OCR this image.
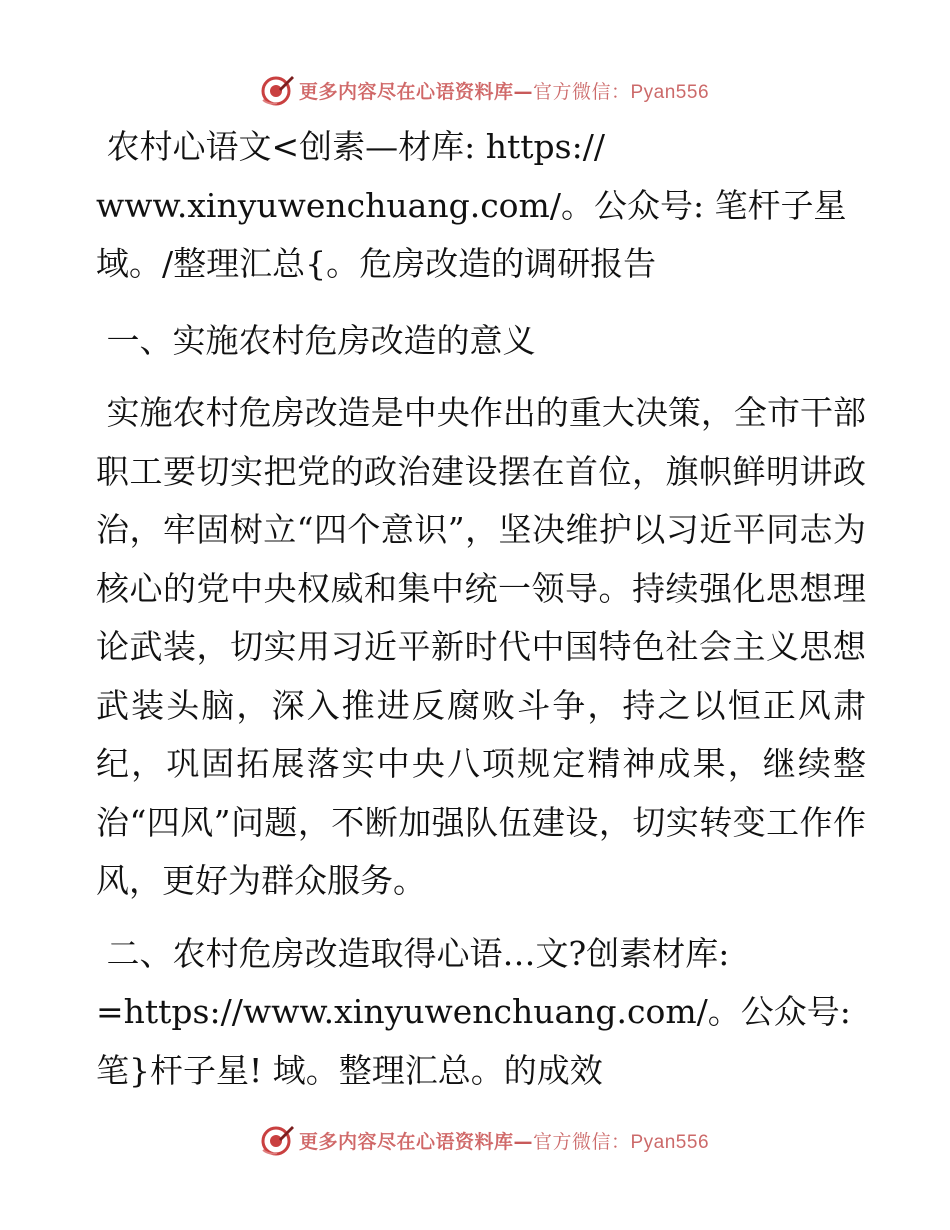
更多内容尽在心语资料库—官方微信：Pyan556

农村心语文<创素—材库: https://
www.xinyuwenchuang.com/。公众号: 笔杆子星
域。/整理汇总{。危房改造的调研报告

一、实施农村危房改造的意义

实施农村危房改造是中央作出的重大决策，全市干部职工要切实把党的政治建设摆在首位，旗帜鲜明讲政治，牢固树立“四个意识”，坚决维护以习近平同志为核心的党中央权威和集中统一领导。持续强化思想理论武装，切实用习近平新时代中国特色社会主义思想武装头脑，深入推进反腐败斗争，持之以恒正风肃纪，巩固拓展落实中央八项规定精神成果，继续整治“四风”问题，不断加强队伍建设，切实转变工作作风，更好为群众服务。

二、农村危房改造取得心语…文?创素材库:
=https://www.xinyuwenchuang.com/。公众号:
笔}杆子星! 域。整理汇总。的成效

更多内容尽在心语资料库—官方微信：Pyan556
